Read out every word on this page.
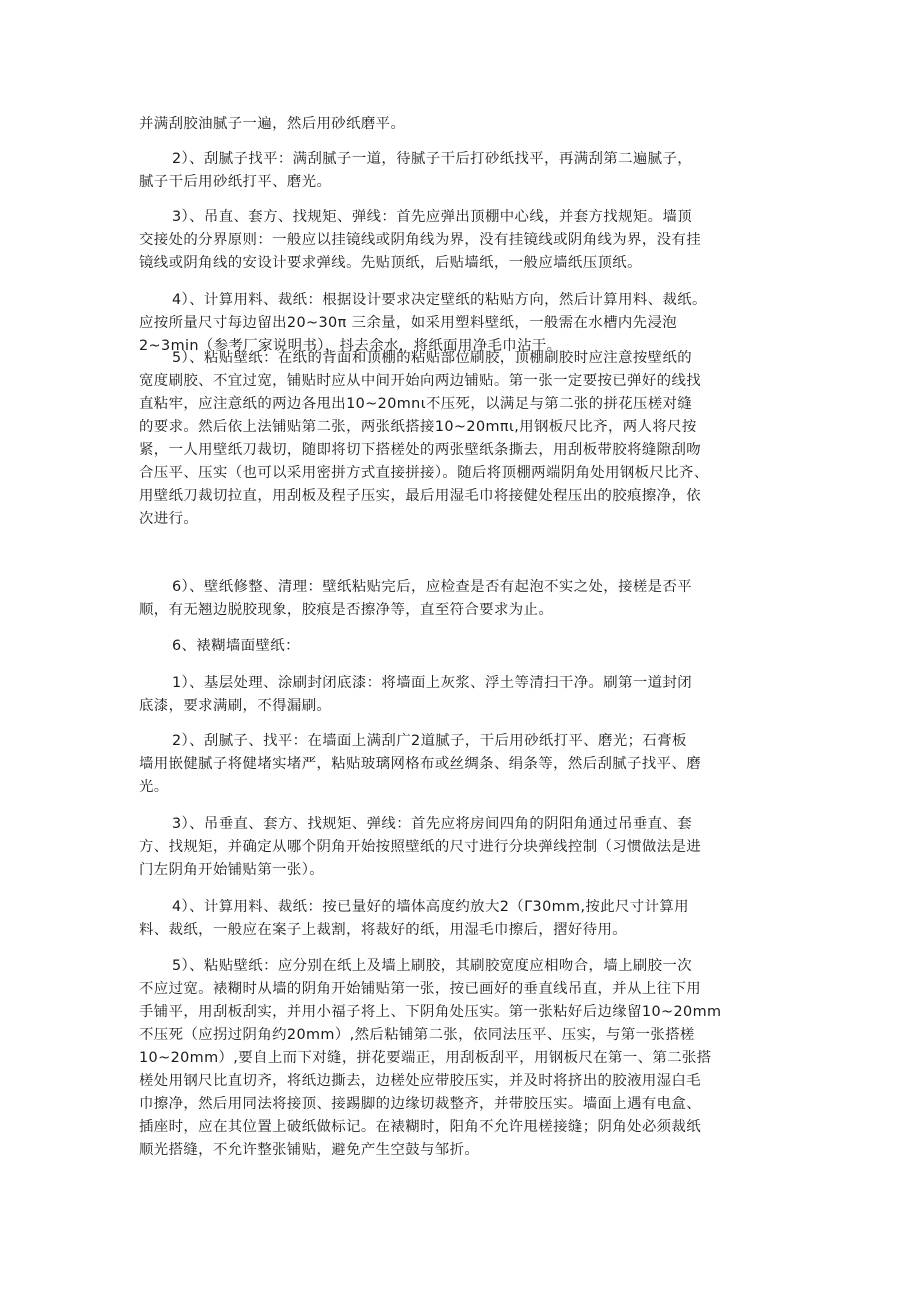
并满刮胶油腻子一遍，然后用砂纸磨平。
2）、刮腻子找平：满刮腻子一道，待腻子干后打砂纸找平，再满刮第二遍腻子，
腻子干后用砂纸打平、磨光。
3）、吊直、套方、找规矩、弹线：首先应弹出顶棚中心线，并套方找规矩。墙顶
交接处的分界原则：一般应以挂镜线或阴角线为界，没有挂镜线或阴角线为界，没有挂
镜线或阴角线的安设计要求弹线。先贴顶纸，后贴墙纸，一般应墙纸压顶纸。
4）、计算用料、裁纸：根据设计要求决定壁纸的粘贴方向，然后计算用料、裁纸。
应按所量尺寸每边留出20~30π 三余量，如采用塑料壁纸，一般需在水槽内先浸泡
2~3min（参考厂家说明书），抖去余水，将纸面用净毛巾沾干。
5）、粘贴壁纸：在纸的背面和顶棚的粘贴部位刷胶，顶棚刷胶时应注意按壁纸的
宽度刷胶、不宜过宽，铺贴时应从中间开始向两边铺贴。第一张一定要按已弹好的线找
直粘牢，应注意纸的两边各甩出10~20mnι不压死，以满足与第二张的拼花压槎对缝
的要求。然后依上法铺贴第二张，两张纸搭接10~20mπι,用钢板尺比齐，两人将尺按
紧，一人用壁纸刀裁切，随即将切下搭槎处的两张壁纸条撕去，用刮板带胶将缝隙刮吻
合压平、压实（也可以采用密拼方式直接拼接）。随后将顶棚两端阴角处用钢板尺比齐、
用壁纸刀裁切拉直，用刮板及程子压实，最后用湿毛巾将接健处程压出的胶痕擦净，依
次进行。
6）、壁纸修整、清理：壁纸粘贴完后，应检查是否有起泡不实之处，接槎是否平
顺，有无翘边脱胶现象，胶痕是否擦净等，直至符合要求为止。
6、裱糊墙面壁纸：
1）、基层处理、涂刷封闭底漆：将墙面上灰浆、浮土等清扫干净。刷第一道封闭
底漆，要求满刷，不得漏刷。
2）、刮腻子、找平：在墙面上满刮广2道腻子，干后用砂纸打平、磨光；石膏板
墙用嵌健腻子将健堵实堵严，粘贴玻璃网格布或丝绸条、绢条等，然后刮腻子找平、磨
光。
3）、吊垂直、套方、找规矩、弹线：首先应将房间四角的阴阳角通过吊垂直、套
方、找规矩，并确定从哪个阴角开始按照壁纸的尺寸进行分块弹线控制（习惯做法是进
门左阴角开始铺贴第一张）。
4）、计算用料、裁纸：按已量好的墙体高度约放大2（Γ30mm,按此尺寸计算用
料、裁纸，一般应在案子上裁割，将裁好的纸，用湿毛巾擦后，摺好待用。
5）、粘贴壁纸：应分别在纸上及墙上刷胶，其刷胶宽度应相吻合，墙上刷胶一次
不应过宽。裱糊时从墙的阴角开始铺贴第一张，按已画好的垂直线吊直，并从上往下用
手铺平，用刮板刮实，并用小福子将上、下阴角处压实。第一张粘好后边缘留10~20mm
不压死（应拐过阴角约20mm）,然后粘铺第二张，依同法压平、压实，与第一张搭槎
10~20mm）,要自上而下对缝，拼花要端正，用刮板刮平，用钢板尺在第一、第二张搭
槎处用钢尺比直切齐，将纸边撕去，边槎处应带胶压实，并及时将挤出的胶液用湿白毛
巾擦净，然后用同法将接顶、接踢脚的边缘切裁整齐，并带胶压实。墙面上遇有电盒、
插座时，应在其位置上破纸做标记。在裱糊时，阳角不允许甩槎接缝；阴角处必须裁纸
顺光搭缝，不允许整张铺贴，避免产生空鼓与邹折。
